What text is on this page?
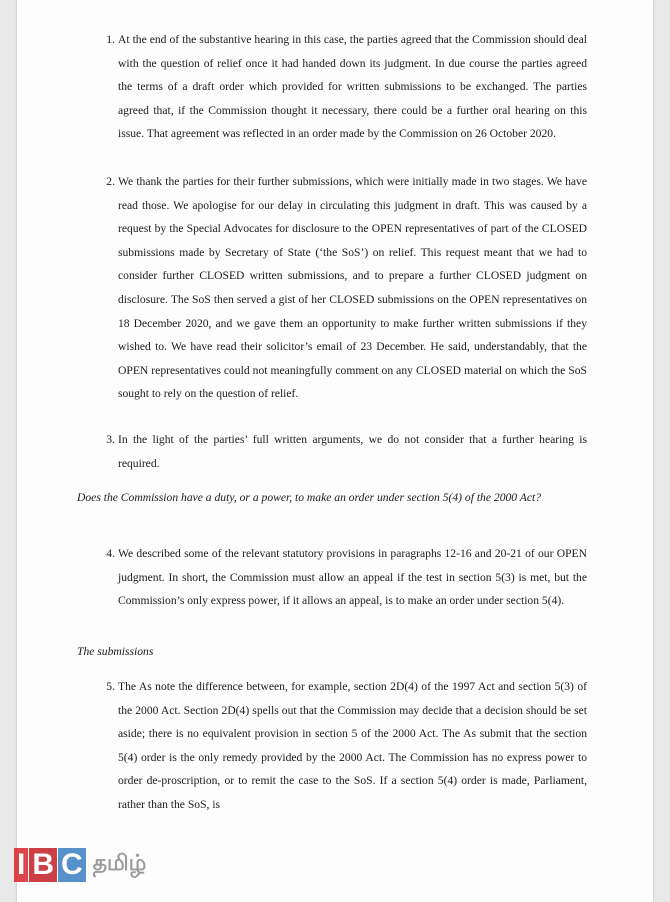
1. At the end of the substantive hearing in this case, the parties agreed that the Commission should deal with the question of relief once it had handed down its judgment. In due course the parties agreed the terms of a draft order which provided for written submissions to be exchanged. The parties agreed that, if the Commission thought it necessary, there could be a further oral hearing on this issue. That agreement was reflected in an order made by the Commission on 26 October 2020.
2. We thank the parties for their further submissions, which were initially made in two stages. We have read those. We apologise for our delay in circulating this judgment in draft. This was caused by a request by the Special Advocates for disclosure to the OPEN representatives of part of the CLOSED submissions made by Secretary of State (‘the SoS’) on relief. This request meant that we had to consider further CLOSED written submissions, and to prepare a further CLOSED judgment on disclosure. The SoS then served a gist of her CLOSED submissions on the OPEN representatives on 18 December 2020, and we gave them an opportunity to make further written submissions if they wished to. We have read their solicitor’s email of 23 December. He said, understandably, that the OPEN representatives could not meaningfully comment on any CLOSED material on which the SoS sought to rely on the question of relief.
3. In the light of the parties’ full written arguments, we do not consider that a further hearing is required.
Does the Commission have a duty, or a power, to make an order under section 5(4) of the 2000 Act?
4. We described some of the relevant statutory provisions in paragraphs 12-16 and 20-21 of our OPEN judgment. In short, the Commission must allow an appeal if the test in section 5(3) is met, but the Commission’s only express power, if it allows an appeal, is to make an order under section 5(4).
The submissions
5. The As note the difference between, for example, section 2D(4) of the 1997 Act and section 5(3) of the 2000 Act. Section 2D(4) spells out that the Commission may decide that a decision should be set aside; there is no equivalent provision in section 5 of the 2000 Act. The As submit that the section 5(4) order is the only remedy provided by the 2000 Act. The Commission has no express power to order de-proscription, or to remit the case to the SoS. If a section 5(4) order is made, Parliament, rather than the SoS, is
I B C தமிழ்
